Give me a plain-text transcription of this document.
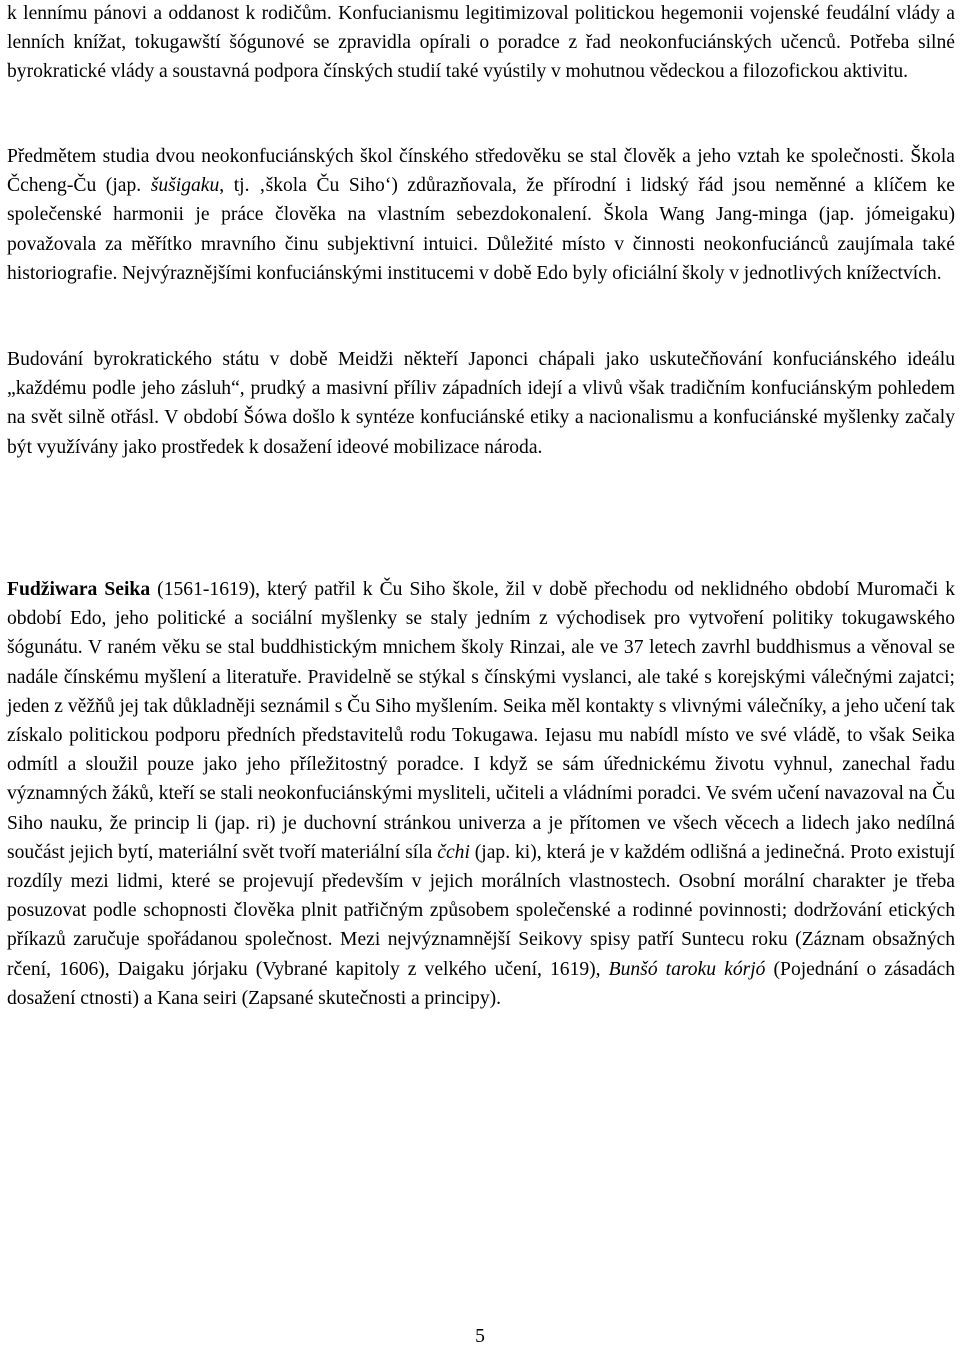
k lennímu pánovi a oddanost k rodičům. Konfucianismu legitimizoval politickou hegemonii vojenské feudální vlády a lenních knížat, tokugawští šógunové se zpravidla opírali o poradce z řad neokonfuciánských učenců. Potřeba silné byrokratické vlády a soustavná podpora čínských studií také vyústily v mohutnou vědeckou a filozofickou aktivitu.

Předmětem studia dvou neokonfuciánských škol čínského středověku se stal člověk a jeho vztah ke společnosti. Škola Čcheng-Ču (jap. šušigaku, tj. ‚škola Ču Siho‘) zdůrazňovala, že přírodní i lidský řád jsou neměnné a klíčem ke společenské harmonii je práce člověka na vlastním sebezdokonalení. Škola Wang Jang-minga (jap. jómeigaku) považovala za měřítko mravního činu subjektivní intuici. Důležité místo v činnosti neokonfuciánců zaujímala také historiografie. Nejvýraznějšími konfuciánskými institucemi v době Edo byly oficiální školy v jednotlivých knížectvích.

Budování byrokratického státu v době Meidži někteří Japonci chápali jako uskutečňování konfuciánského ideálu „každému podle jeho zásluh“, prudký a masivní příliv západních idejí a vlivů však tradičním konfuciánským pohledem na svět silně otřásl. V období Šówa došlo k syntéze konfuciánské etiky a nacionalismu a konfuciánské myšlenky začaly být využívány jako prostředek k dosažení ideové mobilizace národa.

Fudžiwara Seika (1561-1619), který patřil k Ču Siho škole, žil v době přechodu od neklidného období Muromači k období Edo, jeho politické a sociální myšlenky se staly jedním z východisek pro vytvoření politiky tokugawského šógunátu. V raném věku se stal buddhistickým mnichem školy Rinzai, ale ve 37 letech zavrhl buddhismus a věnoval se nadále čínskému myšlení a literatuře. Pravidelně se stýkal s čínskými vyslanci, ale také s korejskými válečnými zajatci; jeden z věžňů jej tak důkladněji seznámil s Ču Siho myšlením. Seika měl kontakty s vlivnými válečníky, a jeho učení tak získalo politickou podporu předních představitelů rodu Tokugawa. Iejasu mu nabídl místo ve své vládě, to však Seika odmítl a sloužil pouze jako jeho příležitostný poradce. I když se sám úřednickému životu vyhnul, zanechal řadu významných žáků, kteří se stali neokonfuciánskými mysliteli, učiteli a vládními poradci. Ve svém učení navazoval na Ču Siho nauku, že princip li (jap. ri) je duchovní stránkou univerza a je přítomen ve všech věcech a lidech jako nedílná součást jejich bytí, materiální svět tvoří materiální síla čchi (jap. ki), která je v každém odlišná a jedinečná. Proto existují rozdíly mezi lidmi, které se projevují především v jejich morálních vlastnostech. Osobní morální charakter je třeba posuzovat podle schopnosti člověka plnit patřičným způsobem společenské a rodinné povinnosti; dodržování etických příkazů zaručuje spořádanou společnost. Mezi nejvýznamnější Seikovy spisy patří Suntecu roku (Záznam obsažných rčení, 1606), Daigaku jórjaku (Vybrané kapitoly z velkého učení, 1619), Bunšó taroku kórjó (Pojednání o zásadách dosažení ctnosti) a Kana seiri (Zapsané skutečnosti a principy).

5
